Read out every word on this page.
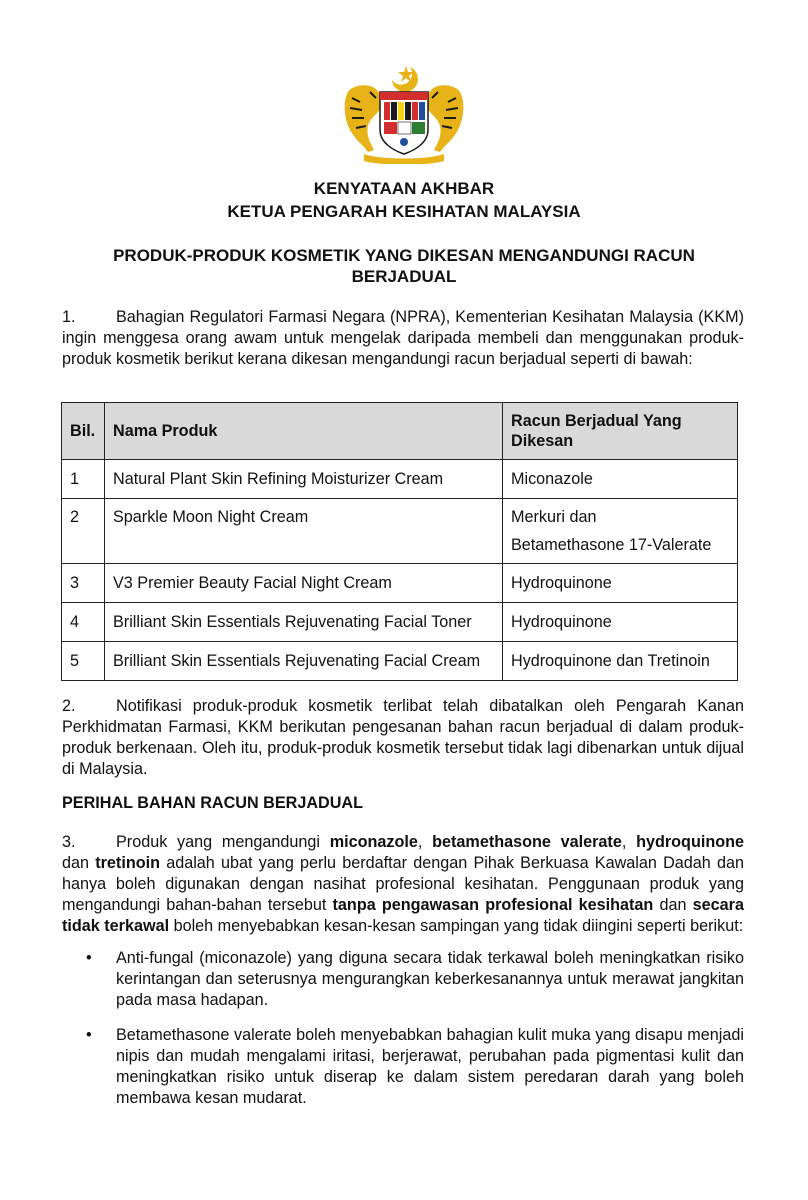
KENYATAAN AKHBAR
KETUA PENGARAH KESIHATAN MALAYSIA
PRODUK-PRODUK KOSMETIK YANG DIKESAN MENGANDUNGI RACUN
BERJADUAL
1. Bahagian Regulatori Farmasi Negara (NPRA), Kementerian Kesihatan Malaysia (KKM) ingin menggesa orang awam untuk mengelak daripada membeli dan menggunakan produk-produk kosmetik berikut kerana dikesan mengandungi racun berjadual seperti di bawah:
Bil.	Nama Produk	Racun Berjadual Yang Dikesan
1	Natural Plant Skin Refining Moisturizer Cream	Miconazole
2	Sparkle Moon Night Cream	Merkuri dan
Betamethasone 17-Valerate

3	V3 Premier Beauty Facial Night Cream	Hydroquinone
4	Brilliant Skin Essentials Rejuvenating Facial Toner	Hydroquinone
5	Brilliant Skin Essentials Rejuvenating Facial Cream	Hydroquinone dan Tretinoin
2. Notifikasi produk-produk kosmetik terlibat telah dibatalkan oleh Pengarah Kanan Perkhidmatan Farmasi, KKM berikutan pengesanan bahan racun berjadual di dalam produk-produk berkenaan. Oleh itu, produk-produk kosmetik tersebut tidak lagi dibenarkan untuk dijual di Malaysia.
PERIHAL BAHAN RACUN BERJADUAL
3. Produk yang mengandungi miconazole, betamethasone valerate, hydroquinone dan tretinoin adalah ubat yang perlu berdaftar dengan Pihak Berkuasa Kawalan Dadah dan hanya boleh digunakan dengan nasihat profesional kesihatan. Penggunaan produk yang mengandungi bahan-bahan tersebut tanpa pengawasan profesional kesihatan dan secara tidak terkawal boleh menyebabkan kesan-kesan sampingan yang tidak diingini seperti berikut:
• Anti-fungal (miconazole) yang diguna secara tidak terkawal boleh meningkatkan risiko kerintangan dan seterusnya mengurangkan keberkesanannya untuk merawat jangkitan pada masa hadapan.
• Betamethasone valerate boleh menyebabkan bahagian kulit muka yang disapu menjadi nipis dan mudah mengalami iritasi, berjerawat, perubahan pada pigmentasi kulit dan meningkatkan risiko untuk diserap ke dalam sistem peredaran darah yang boleh membawa kesan mudarat.
